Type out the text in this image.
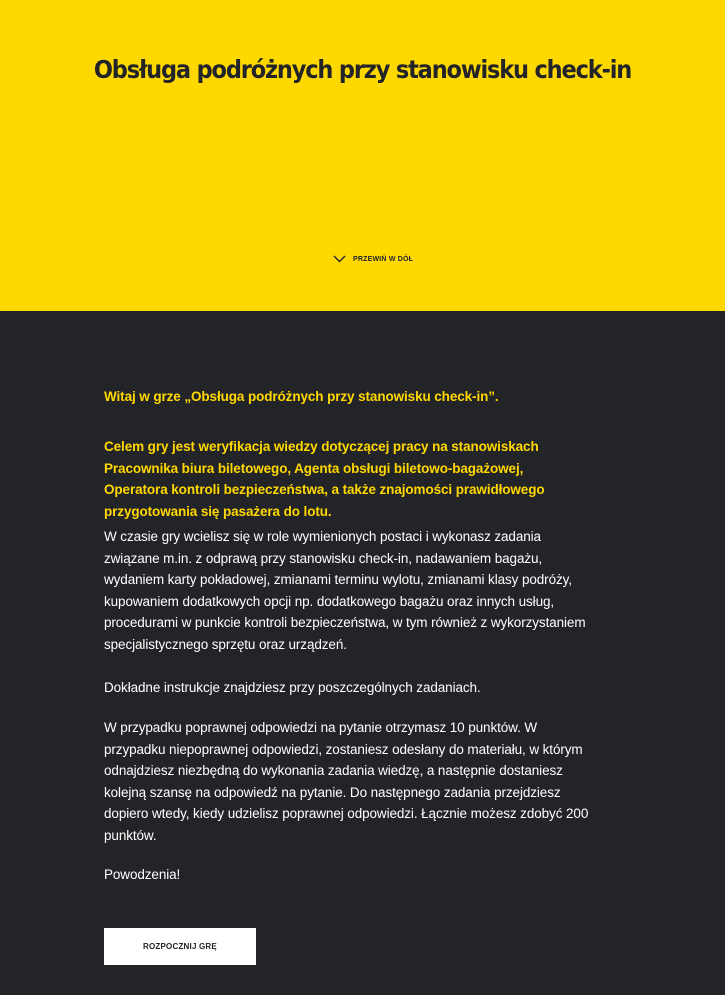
Obsługa podróżnych przy stanowisku check-in
PRZEWIŃ W DÓŁ

Witaj w grze „Obsługa podróżnych przy stanowisku check-in”.

Celem gry jest weryfikacja wiedzy dotyczącej pracy na stanowiskach Pracownika biura biletowego, Agenta obsługi biletowo-bagażowej, Operatora kontroli bezpieczeństwa, a także znajomości prawidłowego przygotowania się pasażera do lotu.

W czasie gry wcielisz się w role wymienionych postaci i wykonasz zadania związane m.in. z odprawą przy stanowisku check-in, nadawaniem bagażu, wydaniem karty pokładowej, zmianami terminu wylotu, zmianami klasy podróży, kupowaniem dodatkowych opcji np. dodatkowego bagażu oraz innych usług, procedurami w punkcie kontroli bezpieczeństwa, w tym również z wykorzystaniem specjalistycznego sprzętu oraz urządzeń.

Dokładne instrukcje znajdziesz przy poszczególnych zadaniach.

W przypadku poprawnej odpowiedzi na pytanie otrzymasz 10 punktów. W przypadku niepoprawnej odpowiedzi, zostaniesz odesłany do materiału, w którym odnajdziesz niezbędną do wykonania zadania wiedzę, a następnie dostaniesz kolejną szansę na odpowiedź na pytanie. Do następnego zadania przejdziesz dopiero wtedy, kiedy udzielisz poprawnej odpowiedzi. Łącznie możesz zdobyć 200 punktów.

Powodzenia!

ROZPOCZNIJ GRĘ
